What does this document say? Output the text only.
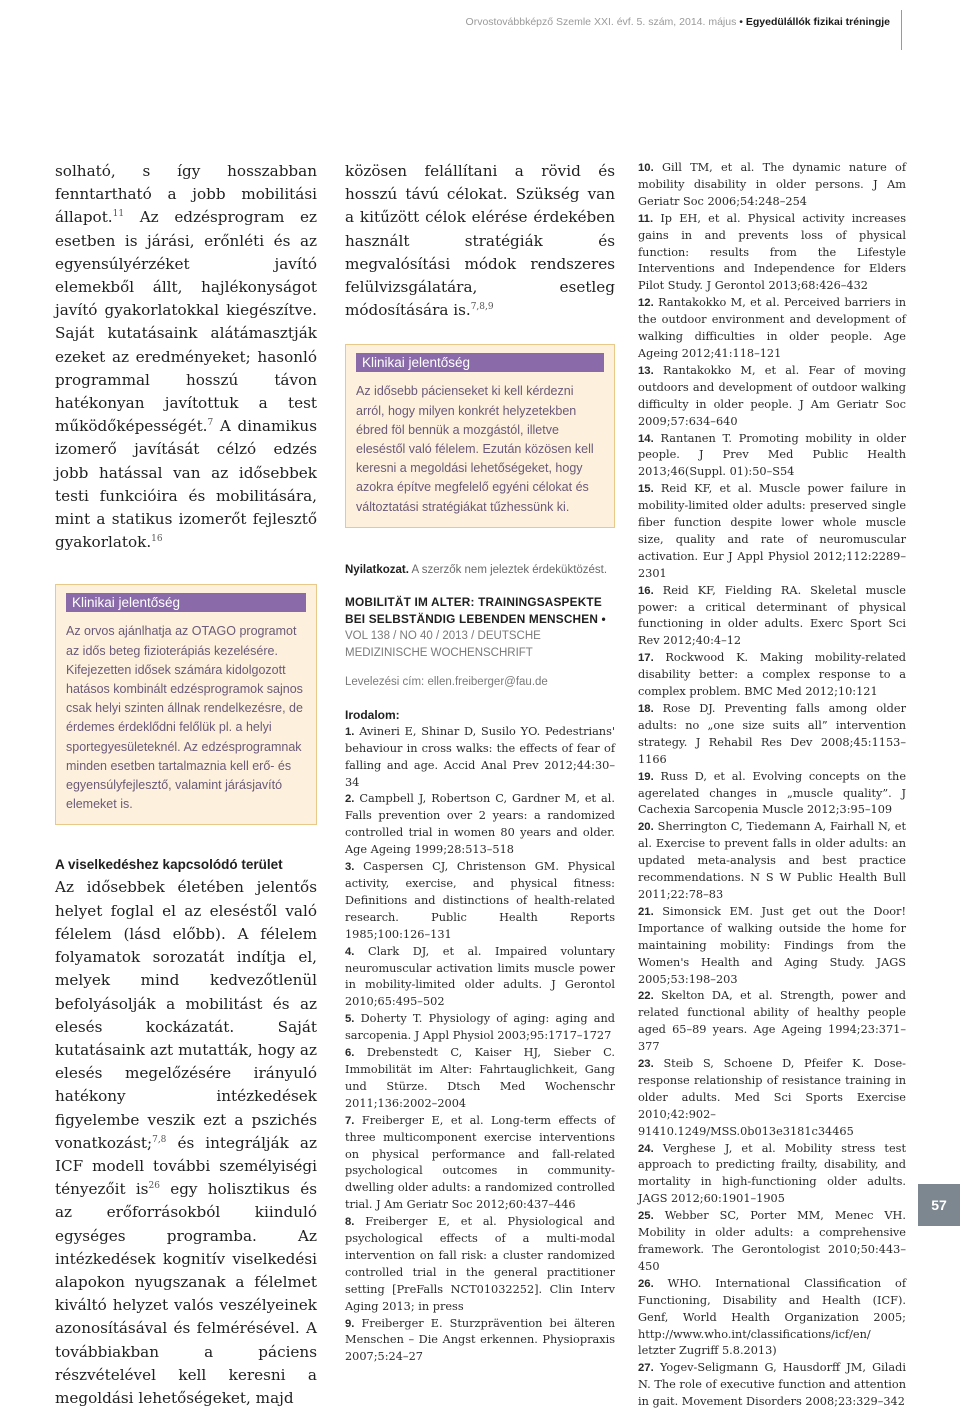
Orvostovábbképző Szemle XXI. évf. 5. szám, 2014. május • Egyedülállók fizikai tréningje

solható, s így hosszabban fenntartható a jobb mobilitási állapot.$^{11}$ Az edzésprogram ez esetben is járási, erőnléti és az egyensúlyérzéket javító elemekből állt, hajlékonyságot javító gyakorlatokkal kiegészítve. Saját kutatásaink alátámasztják ezeket az eredményeket; hasonló programmal hosszú távon hatékonyan javítottuk a test működőképességét.$^7$ A dinamikus izomerő javítását célzó edzés jobb hatással van az idősebbek testi funkcióira és mobilitására, mint a statikus izomerőt fejlesztő gyakorlatok.$^{16}$

Klinikai jelentőség

Az orvos ajánlhatja az OTAGO programot az idős beteg fizioterápiás kezelésére. Kifejezetten idősek számára kidolgozott hatásos kombinált edzésprogramok sajnos csak helyi szinten állnak rendelkezésre, de érdemes érdeklődni felőlük pl. a helyi sportegyesületeknél. Az edzésprogramnak minden esetben tartalmaznia kell erő- és egyensúlyfejlesztő, valamint járásjavító elemeket is.

A viselkedéshez kapcsolódó terület

Az idősebbek életében jelentős helyet foglal el az eleséstől való félelem (lásd előbb). A félelem folyamatok sorozatát indítja el, melyek mind kedvezőtlenül befolyásolják a mobilitást és az elesés kockázatát. Saját kutatásaink azt mutatták, hogy az elesés megelőzésére irányuló hatékony intézkedések figyelembe veszik ezt a pszichés vonatkozást;$^{7,8}$ és integrálják az ICF modell további személyiségi tényezőit $is^{26}$ egy holisztikus és az erőforrásokból kiinduló egységes programba. Az intézkedések kognitív viselkedési alapokon nyugszanak a félelmet kiváltó helyzet valós veszélyeinek azonosításával és felmérésével. A továbbiakban a páciens részvételével kell keresni a megoldási lehetőségeket, majd

közösen felállítani a rövid és hosszú távú célokat. Szükség van a kitűzött célok elérése érdekében használt stratégiák és megvalósítási módok rendszeres felülvizsgálatára, esetleg módosítására is.$^{7,8,9}$

Klinikai jelentőség

Az idősebb pácienseket ki kell kérdezni arról, hogy milyen konkrét helyzetekben ébred föl bennük a mozgástól, illetve eleséstől való félelem. Ezután közösen kell keresni a megoldási lehetőségeket, hogy azokra építve megfelelő egyéni célokat és változtatási stratégiákat tűzhessünk ki.

Nyilatkozat. A szerzők nem jeleztek érdeküktözést.

MOBILITÄT IM ALTER: TRAININGSASPEKTE BEI SELBSTÄNDIG LEBENDEN MENSCHEN •

VOL 138 / NO 40 / 2013 / DEUTSCHE MEDIZINISCHE WOCHENSCHRIFT

Levelezési cím: ellen.freiberger@fau.de

Irodalom:

1. Avineri E, Shinar D, Susilo YO. Pedestrians' behaviour in cross walks: the effects of fear of falling and age. Accid Anal Prev 2012;44:30–34

2. Campbell J, Robertson C, Gardner M, et al. Falls prevention over 2 years: a randomized controlled trial in women 80 years and older. Age Ageing 1999;28:513–518

3. Caspersen CJ, Christenson GM. Physical activity, exercise, and physical fitness: Definitions and distinctions of health-related research. Public Health Reports 1985;100:126–131

4. Clark DJ, et al. Impaired voluntary neuromuscular activation limits muscle power in mobility-limited older adults. J Gerontol 2010;65:495–502

5. Doherty T. Physiology of aging: aging and sarcopenia. J Appl Physiol 2003;95:1717–1727

6. Drebenstedt C, Kaiser HJ, Sieber C. Immobilität im Alter: Fahrtauglichkeit, Gang und Stürze. Dtsch Med Wochenschr 2011;136:2002–2004

7. Freiberger E, et al. Long-term effects of three multicomponent exercise interventions on physical performance and fall-related psychological outcomes in community-dwelling older adults: a randomized controlled trial. J Am Geriatr Soc 2012;60:437–446

8. Freiberger E, et al. Physiological and psychological effects of a multi-modal intervention on fall risk: a cluster randomized controlled trial in the general practitioner setting [PreFalls NCT01032252]. Clin Interv Aging 2013; in press

9. Freiberger E. Sturzprävention bei älteren Menschen – Die Angst erkennen. Physiopraxis 2007;5:24–27

10. Gill TM, et al. The dynamic nature of mobility disability in older persons. J Am Geriatr Soc 2006;54:248–254

11. Ip EH, et al. Physical activity increases gains in and prevents loss of physical function: results from the Lifestyle Interventions and Independence for Elders Pilot Study. J Gerontol 2013;68:426–432

12. Rantakokko M, et al. Perceived barriers in the outdoor environment and development of walking difficulties in older people. Age Ageing 2012;41:118–121

13. Rantakokko M, et al. Fear of moving outdoors and development of outdoor walking difficulty in older people. J Am Geriatr Soc 2009;57:634–640

14. Rantanen T. Promoting mobility in older people. J Prev Med Public Health 2013;46(Suppl. 01):50–S54

15. Reid KF, et al. Muscle power failure in mobility-limited older adults: preserved single fiber function despite lower whole muscle size, quality and rate of neuromuscular activation. Eur J Appl Physiol 2012;112:2289–2301

16. Reid KF, Fielding RA. Skeletal muscle power: a critical determinant of physical functioning in older adults. Exerc Sport Sci Rev 2012;40:4–12

17. Rockwood K. Making mobility-related disability better: a complex response to a complex problem. BMC Med 2012;10:121

18. Rose DJ. Preventing falls among older adults: no „one size suits all” intervention strategy. J Rehabil Res Dev 2008;45:1153–1166

19. Russ D, et al. Evolving concepts on the agerelated changes in „muscle quality”. J Cachexia Sarcopenia Muscle 2012;3:95–109

20. Sherrington C, Tiedemann A, Fairhall N, et al. Exercise to prevent falls in older adults: an updated meta-analysis and best practice recommendations. N S W Public Health Bull 2011;22:78–83

21. Simonsick EM. Just get out the Door! Importance of walking outside the home for maintaining mobility: Findings from the Women's Health and Aging Study. JAGS 2005;53:198–203

22. Skelton DA, et al. Strength, power and related functional ability of healthy people aged 65–89 years. Age Ageing 1994;23:371–377

23. Steib S, Schoene D, Pfeifer K. Dose-response relationship of resistance training in older adults. Med Sci Sports Exercise 2010;42:902–91410.1249/MSS.0b013e3181c34465

24. Verghese J, et al. Mobility stress test approach to predicting frailty, disability, and mortality in high-functioning older adults. JAGS 2012;60:1901–1905

25. Webber SC, Porter MM, Menec VH. Mobility in older adults: a comprehensive framework. The Gerontologist 2010;50:443–450

26. WHO. International Classification of Functioning, Disability and Health (ICF). Genf, World Health Organization 2005; http://www.who.int/classifications/icf/en/ letzter Zugriff 5.8.2013)

27. Yogev-Seligmann G, Hausdorff JM, Giladi N. The role of executive function and attention in gait. Movement Disorders 2008;23:329–342

57
